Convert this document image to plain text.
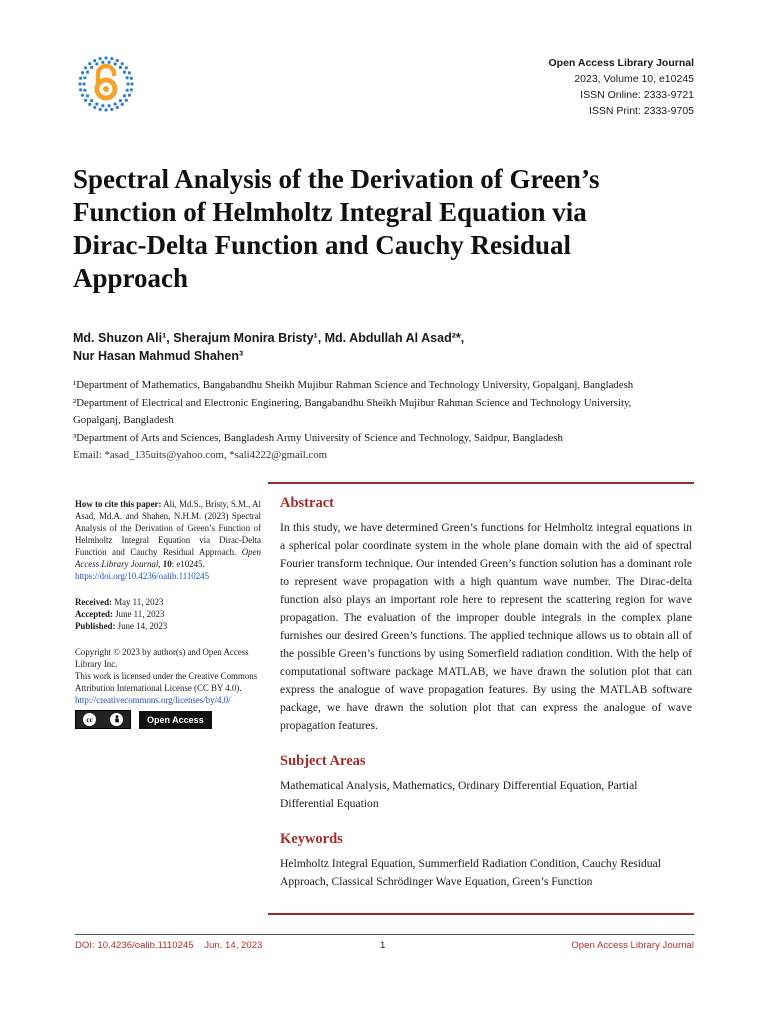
Open Access Library Journal
2023, Volume 10, e10245
ISSN Online: 2333-9721
ISSN Print: 2333-9705
Spectral Analysis of the Derivation of Green’s
Function of Helmholtz Integral Equation via
Dirac-Delta Function and Cauchy Residual
Approach
Md. Shuzon Ali¹, Sherajum Monira Bristy¹, Md. Abdullah Al Asad²*,
Nur Hasan Mahmud Shahen³
¹Department of Mathematics, Bangabandhu Sheikh Mujibur Rahman Science and Technology University, Gopalganj, Bangladesh
²Department of Electrical and Electronic Enginering, Bangabandhu Sheikh Mujibur Rahman Science and Technology University,
Gopalganj, Bangladesh
³Department of Arts and Sciences, Bangladesh Army University of Science and Technology, Saidpur, Bangladesh
Email: *asad_135uits@yahoo.com, *sali4222@gmail.com

How to cite this paper: Ali, Md.S., Bristy, S.M., Al Asad, Md.A. and Shahen, N.H.M. (2023) Spectral Analysis of the Derivation of Green’s Function of Helmholtz Integral Equation via Dirac-Delta Function and Cauchy Residual Approach. Open Access Library Journal, 10: e10245.
https://doi.org/10.4236/oalib.1110245

Received: May 11, 2023
Accepted: June 11, 2023
Published: June 14, 2023

Copyright © 2023 by author(s) and Open Access Library Inc.
This work is licensed under the Creative Commons Attribution International License (CC BY 4.0).
http://creativecommons.org/licenses/by/4.0/

cc	Open Access
Abstract

In this study, we have determined Green’s functions for Helmholtz integral equations in a spherical polar coordinate system in the whole plane domain with the aid of spectral Fourier transform technique. Our intended Green’s function solution has a dominant role to represent wave propagation with a high quantum wave number. The Dirac-delta function also plays an important role here to represent the scattering region for wave propagation. The evaluation of the improper double integrals in the complex plane furnishes our desired Green’s functions. The applied technique allows us to obtain all of the possible Green’s functions by using Somerfield radiation condition. With the help of computational software package MATLAB, we have drawn the solution plot that can express the analogue of wave propagation features. By using the MATLAB software package, we have drawn the solution plot that can express the analogue of wave propagation features.

Subject Areas

Mathematical Analysis, Mathematics, Ordinary Differential Equation, Partial Differential Equation

Keywords

Helmholtz Integral Equation, Summerfield Radiation Condition, Cauchy Residual Approach, Classical Schrödinger Wave Equation, Green’s Function

DOI: 10.4236/oalib.1110245    Jun. 14, 2023	1	Open Access Library Journal
